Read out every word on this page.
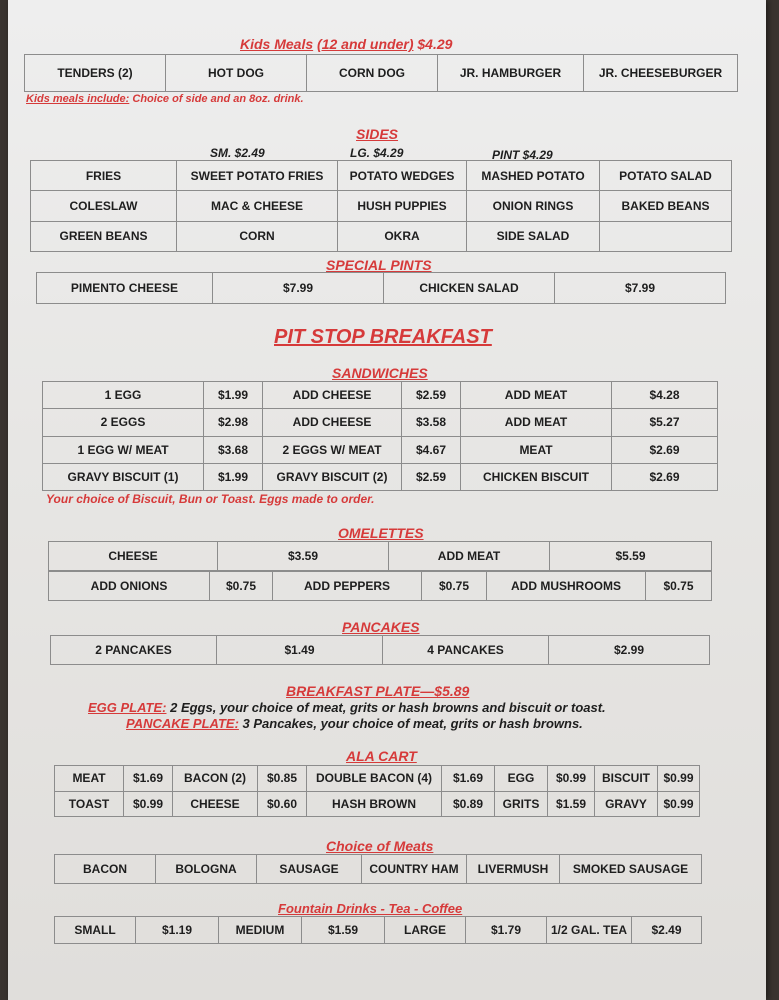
Kids Meals (12 and under) $4.29
TENDERS (2)	HOT DOG	CORN DOG	JR. HAMBURGER	JR. CHEESEBURGER
Kids meals include: Choice of side and an 8oz. drink.
SIDES
SM. $2.49	LG. $4.29	PINT $4.29
FRIES	SWEET POTATO FRIES	POTATO WEDGES	MASHED POTATO	POTATO SALAD
COLESLAW	MAC & CHEESE	HUSH PUPPIES	ONION RINGS	BAKED BEANS
GREEN BEANS	CORN	OKRA	SIDE SALAD	
SPECIAL PINTS
PIMENTO CHEESE	$7.99	CHICKEN SALAD	$7.99
PIT STOP BREAKFAST
SANDWICHES
1 EGG	$1.99	ADD CHEESE	$2.59	ADD MEAT	$4.28
2 EGGS	$2.98	ADD CHEESE	$3.58	ADD MEAT	$5.27
1 EGG W/ MEAT	$3.68	2 EGGS W/ MEAT	$4.67	MEAT	$2.69
GRAVY BISCUIT (1)	$1.99	GRAVY BISCUIT (2)	$2.59	CHICKEN BISCUIT	$2.69
Your choice of Biscuit, Bun or Toast. Eggs made to order.
OMELETTES
CHEESE	$3.59	ADD MEAT	$5.59
ADD ONIONS	$0.75	ADD PEPPERS	$0.75	ADD MUSHROOMS	$0.75
PANCAKES
2 PANCAKES	$1.49	4 PANCAKES	$2.99
BREAKFAST PLATE—$5.89
EGG PLATE: 2 Eggs, your choice of meat, grits or hash browns and biscuit or toast.
PANCAKE PLATE: 3 Pancakes, your choice of meat, grits or hash browns.
ALA CART
MEAT	$1.69	BACON (2)	$0.85	DOUBLE BACON (4)	$1.69	EGG	$0.99	BISCUIT	$0.99
TOAST	$0.99	CHEESE	$0.60	HASH BROWN	$0.89	GRITS	$1.59	GRAVY	$0.99
Choice of Meats
BACON	BOLOGNA	SAUSAGE	COUNTRY HAM	LIVERMUSH	SMOKED SAUSAGE
Fountain Drinks - Tea - Coffee
SMALL	$1.19	MEDIUM	$1.59	LARGE	$1.79	1/2 GAL. TEA	$2.49
